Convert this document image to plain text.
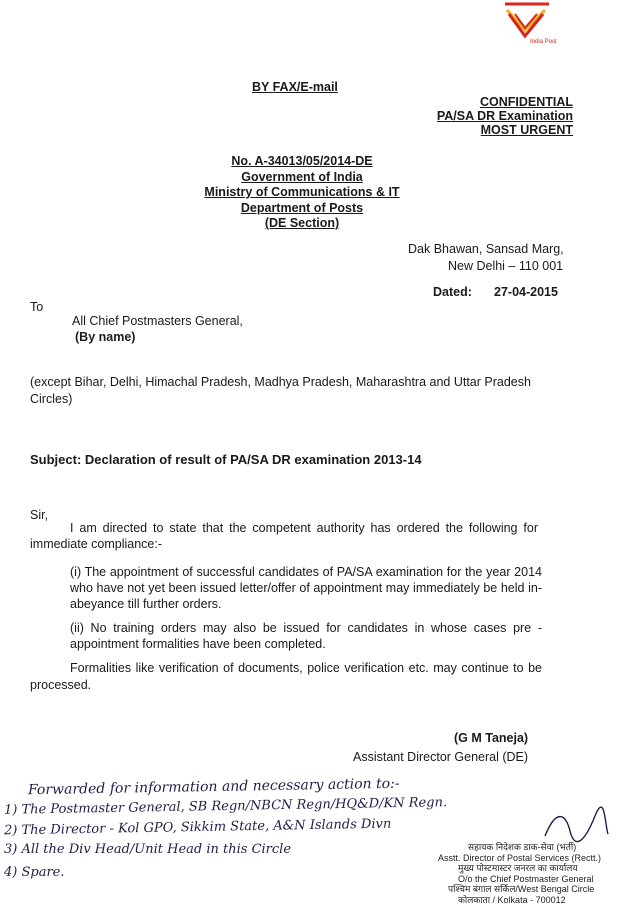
India Post
BY FAX/E-mail
CONFIDENTIAL
PA/SA DR Examination
MOST URGENT
No. A-34013/05/2014-DE
Government of India
Ministry of Communications & IT
Department of Posts
(DE Section)
Dak Bhawan, Sansad Marg,
New Delhi – 110 001
Dated: 27-04-2015
To
All Chief Postmasters General,
(By name)
(except Bihar, Delhi, Himachal Pradesh, Madhya Pradesh, Maharashtra and Uttar Pradesh Circles)
Subject: Declaration of result of PA/SA DR examination 2013-14
Sir,
I am directed to state that the competent authority has ordered the following for immediate compliance:-
(i) The appointment of successful candidates of PA/SA examination for the year 2014 who have not yet been issued letter/offer of appointment may immediately be held in-abeyance till further orders.
(ii) No training orders may also be issued for candidates in whose cases pre - appointment formalities have been completed.
Formalities like verification of documents, police verification etc. may continue to be processed.
(G M Taneja)
Assistant Director General (DE)
Forwarded for information and necessary action to:-
1) The Postmaster General, SB Regn/NBCN Regn/HQ&D/KN Regn.
2) The Director - Kol GPO, Sikkim State, A&N Islands Divn
3) All the Div Head/Unit Head in this Circle
4) Spare.
सहायक निदेशक डाक-सेवा (भर्ती)
Asstt. Director of Postal Services (Rectt.)
मुख्य पोस्टमास्टर जनरल का कार्यालय
O/o the Chief Postmaster General
पश्चिम बंगाल सर्किल/West Bengal Circle
कोलकाता / Kolkata - 700012
